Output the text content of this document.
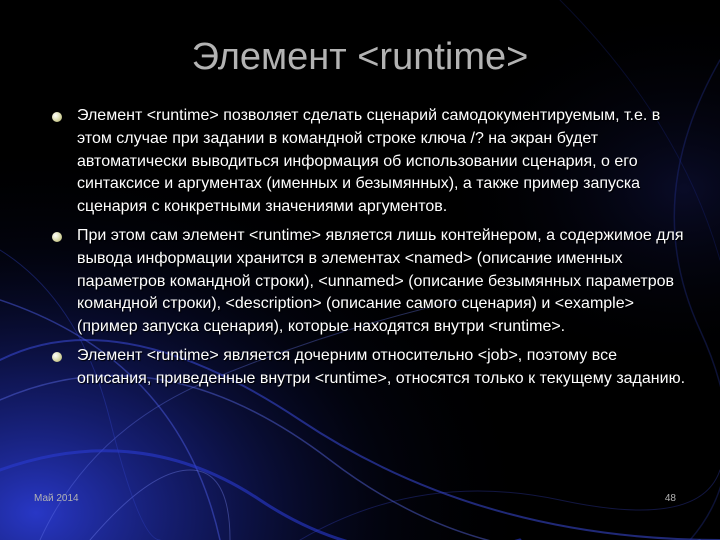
Элемент <runtime>
Элемент <runtime> позволяет сделать сценарий самодокументируемым, т.е. в этом случае при задании в командной строке ключа /? на экран будет автоматически выводиться информация об использовании сценария, о его синтаксисе и аргументах (именных и безымянных), а также пример запуска сценария с конкретными значениями аргументов.
При этом сам элемент <runtime> является лишь контейнером, а содержимое для вывода информации хранится в элементах <named> (описание именных параметров командной строки), <unnamed> (описание безымянных параметров командной строки), <description> (описание самого сценария) и <example> (пример запуска сценария), которые находятся внутри <runtime>.
Элемент <runtime> является дочерним относительно <job>, поэтому все описания, приведенные внутри <runtime>, относятся только к текущему заданию.
Май 2014	48
